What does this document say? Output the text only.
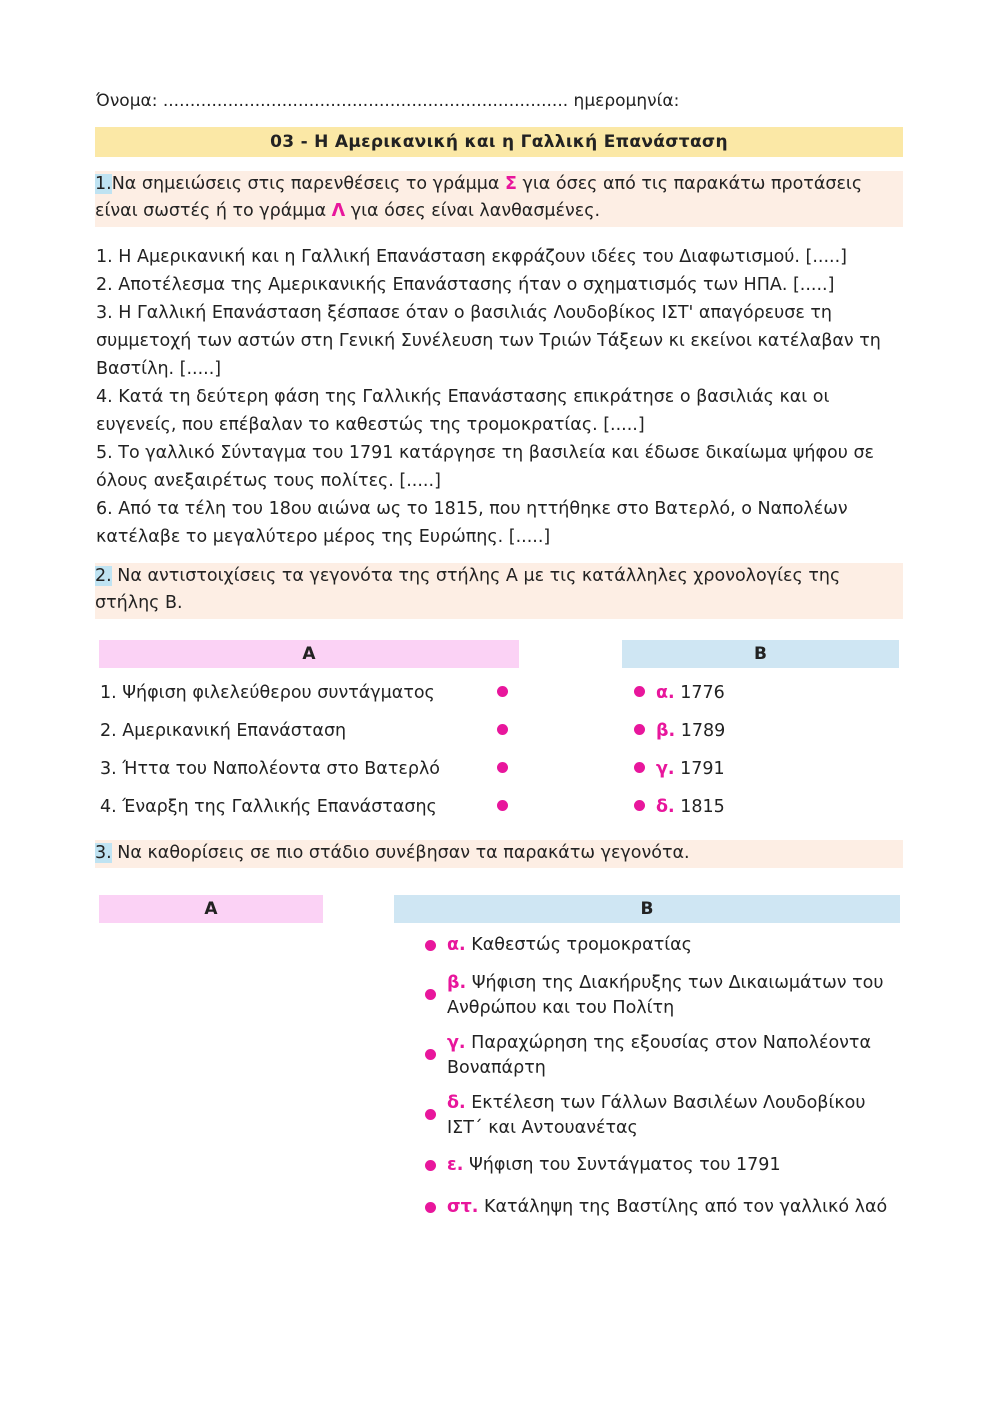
Όνομα: ........................................................................... ημερομηνία:
03 - Η Αμερικανική και η Γαλλική Επανάσταση
1.Να σημειώσεις στις παρενθέσεις το γράμμα Σ για όσες από τις παρακάτω προτάσεις είναι σωστές ή το γράμμα Λ για όσες είναι λανθασμένες.
1. Η Αμερικανική και η Γαλλική Επανάσταση εκφράζουν ιδέες του Διαφωτισμού. [.....]
2. Αποτέλεσμα της Αμερικανικής Επανάστασης ήταν ο σχηματισμός των ΗΠΑ. [.....]
3. Η Γαλλική Επανάσταση ξέσπασε όταν ο βασιλιάς Λουδοβίκος ΙΣΤ' απαγόρευσε τη συμμετοχή των αστών στη Γενική Συνέλευση των Τριών Τάξεων κι εκείνοι κατέλαβαν τη Βαστίλη. [.....]
4. Κατά τη δεύτερη φάση της Γαλλικής Επανάστασης επικράτησε ο βασιλιάς και οι ευγενείς, που επέβαλαν το καθεστώς της τρομοκρατίας. [.....]
5. Το γαλλικό Σύνταγμα του 1791 κατάργησε τη βασιλεία και έδωσε δικαίωμα ψήφου σε όλους ανεξαιρέτως τους πολίτες. [.....]
6. Από τα τέλη του 18ου αιώνα ως το 1815, που ηττήθηκε στο Βατερλό, ο Ναπολέων κατέλαβε το μεγαλύτερο μέρος της Ευρώπης. [.....]
2. Να αντιστοιχίσεις τα γεγονότα της στήλης Α με τις κατάλληλες χρονολογίες της στήλης Β.
Α	Β
1. Ψήφιση φιλελεύθερου συντάγματος
2. Αμερικανική Επανάσταση
3. Ήττα του Ναπολέοντα στο Βατερλό
4. Έναρξη της Γαλλικής Επανάστασης
α. 1776
β. 1789
γ. 1791
δ. 1815
3. Να καθορίσεις σε πιο στάδιο συνέβησαν τα παρακάτω γεγονότα.
Α	Β
α. Καθεστώς τρομοκρατίας
β. Ψήφιση της Διακήρυξης των Δικαιωμάτων του Ανθρώπου και του Πολίτη
γ. Παραχώρηση της εξουσίας στον Ναπολέοντα Βοναπάρτη
δ. Εκτέλεση των Γάλλων Βασιλέων Λουδοβίκου ΙΣΤ΄ και Αντουανέτας
ε. Ψήφιση του Συντάγματος του 1791
στ. Κατάληψη της Βαστίλης από τον γαλλικό λαό
